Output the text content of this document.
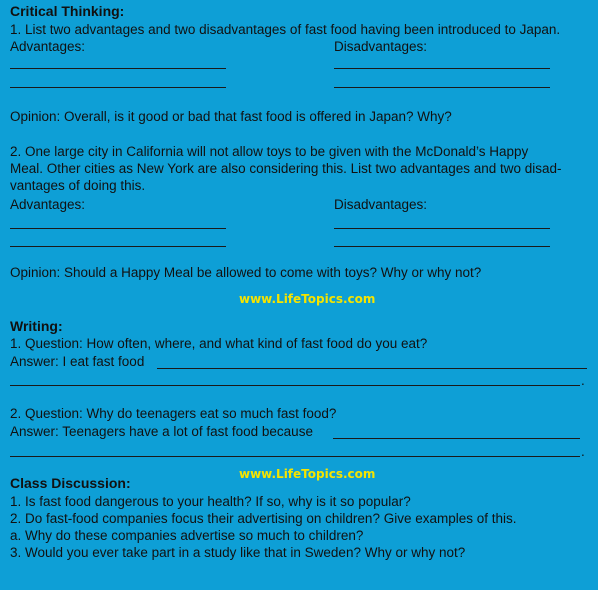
Critical Thinking:
1. List two advantages and two disadvantages of fast food having been introduced to Japan.
Advantages:	Disadvantages:
Opinion: Overall, is it good or bad that fast food is offered in Japan? Why?
2. One large city in California will not allow toys to be given with the McDonald’s Happy
Meal. Other cities as New York are also considering this. List two advantages and two disad-
vantages of doing this.
Advantages:	Disadvantages:
Opinion: Should a Happy Meal be allowed to come with toys? Why or why not?
www.LifeTopics.com
Writing:
1. Question: How often, where, and what kind of fast food do you eat?
Answer: I eat fast food
.
2. Question: Why do teenagers eat so much fast food?
Answer: Teenagers have a lot of fast food because
.
www.LifeTopics.com
Class Discussion:
1. Is fast food dangerous to your health? If so, why is it so popular?
2. Do fast-food companies focus their advertising on children? Give examples of this.
a. Why do these companies advertise so much to children?
3. Would you ever take part in a study like that in Sweden? Why or why not?
